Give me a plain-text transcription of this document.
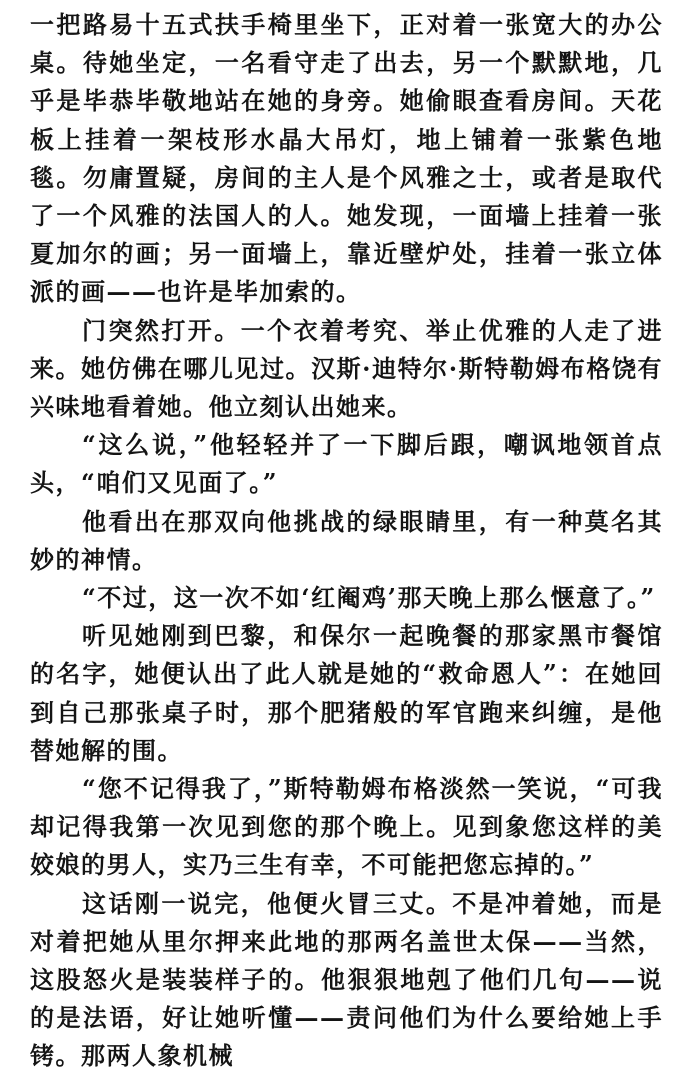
一把路易十五式扶手椅里坐下，正对着一张宽大的办公桌。待她坐定，一名看守走了出去，另一个默默地，几乎是毕恭毕敬地站在她的身旁。她偷眼查看房间。天花板上挂着一架枝形水晶大吊灯，地上铺着一张紫色地毯。勿庸置疑，房间的主人是个风雅之士，或者是取代了一个风雅的法国人的人。她发现，一面墙上挂着一张夏加尔的画；另一面墙上，靠近壁炉处，挂着一张立体派的画——也许是毕加索的。

门突然打开。一个衣着考究、举止优雅的人走了进来。她仿佛在哪儿见过。汉斯·迪特尔·斯特勒姆布格饶有兴味地看着她。他立刻认出她来。

“这么说，”他轻轻并了一下脚后跟，嘲讽地领首点头，“咱们又见面了。”

他看出在那双向他挑战的绿眼睛里，有一种莫名其妙的神情。

“不过，这一次不如‘红阉鸡’那天晚上那么惬意了。”

听见她刚到巴黎，和保尔一起晚餐的那家黑市餐馆的名字，她便认出了此人就是她的“救命恩人”：在她回到自己那张桌子时，那个肥猪般的军官跑来纠缠，是他替她解的围。

“您不记得我了，”斯特勒姆布格淡然一笑说，“可我却记得我第一次见到您的那个晚上。见到象您这样的美姣娘的男人，实乃三生有幸，不可能把您忘掉的。”

这话刚一说完，他便火冒三丈。不是冲着她，而是对着把她从里尔押来此地的那两名盖世太保——当然，这股怒火是装装样子的。他狠狠地剋了他们几句——说的是法语，好让她听懂——责问他们为什么要给她上手铐。那两人象机械
